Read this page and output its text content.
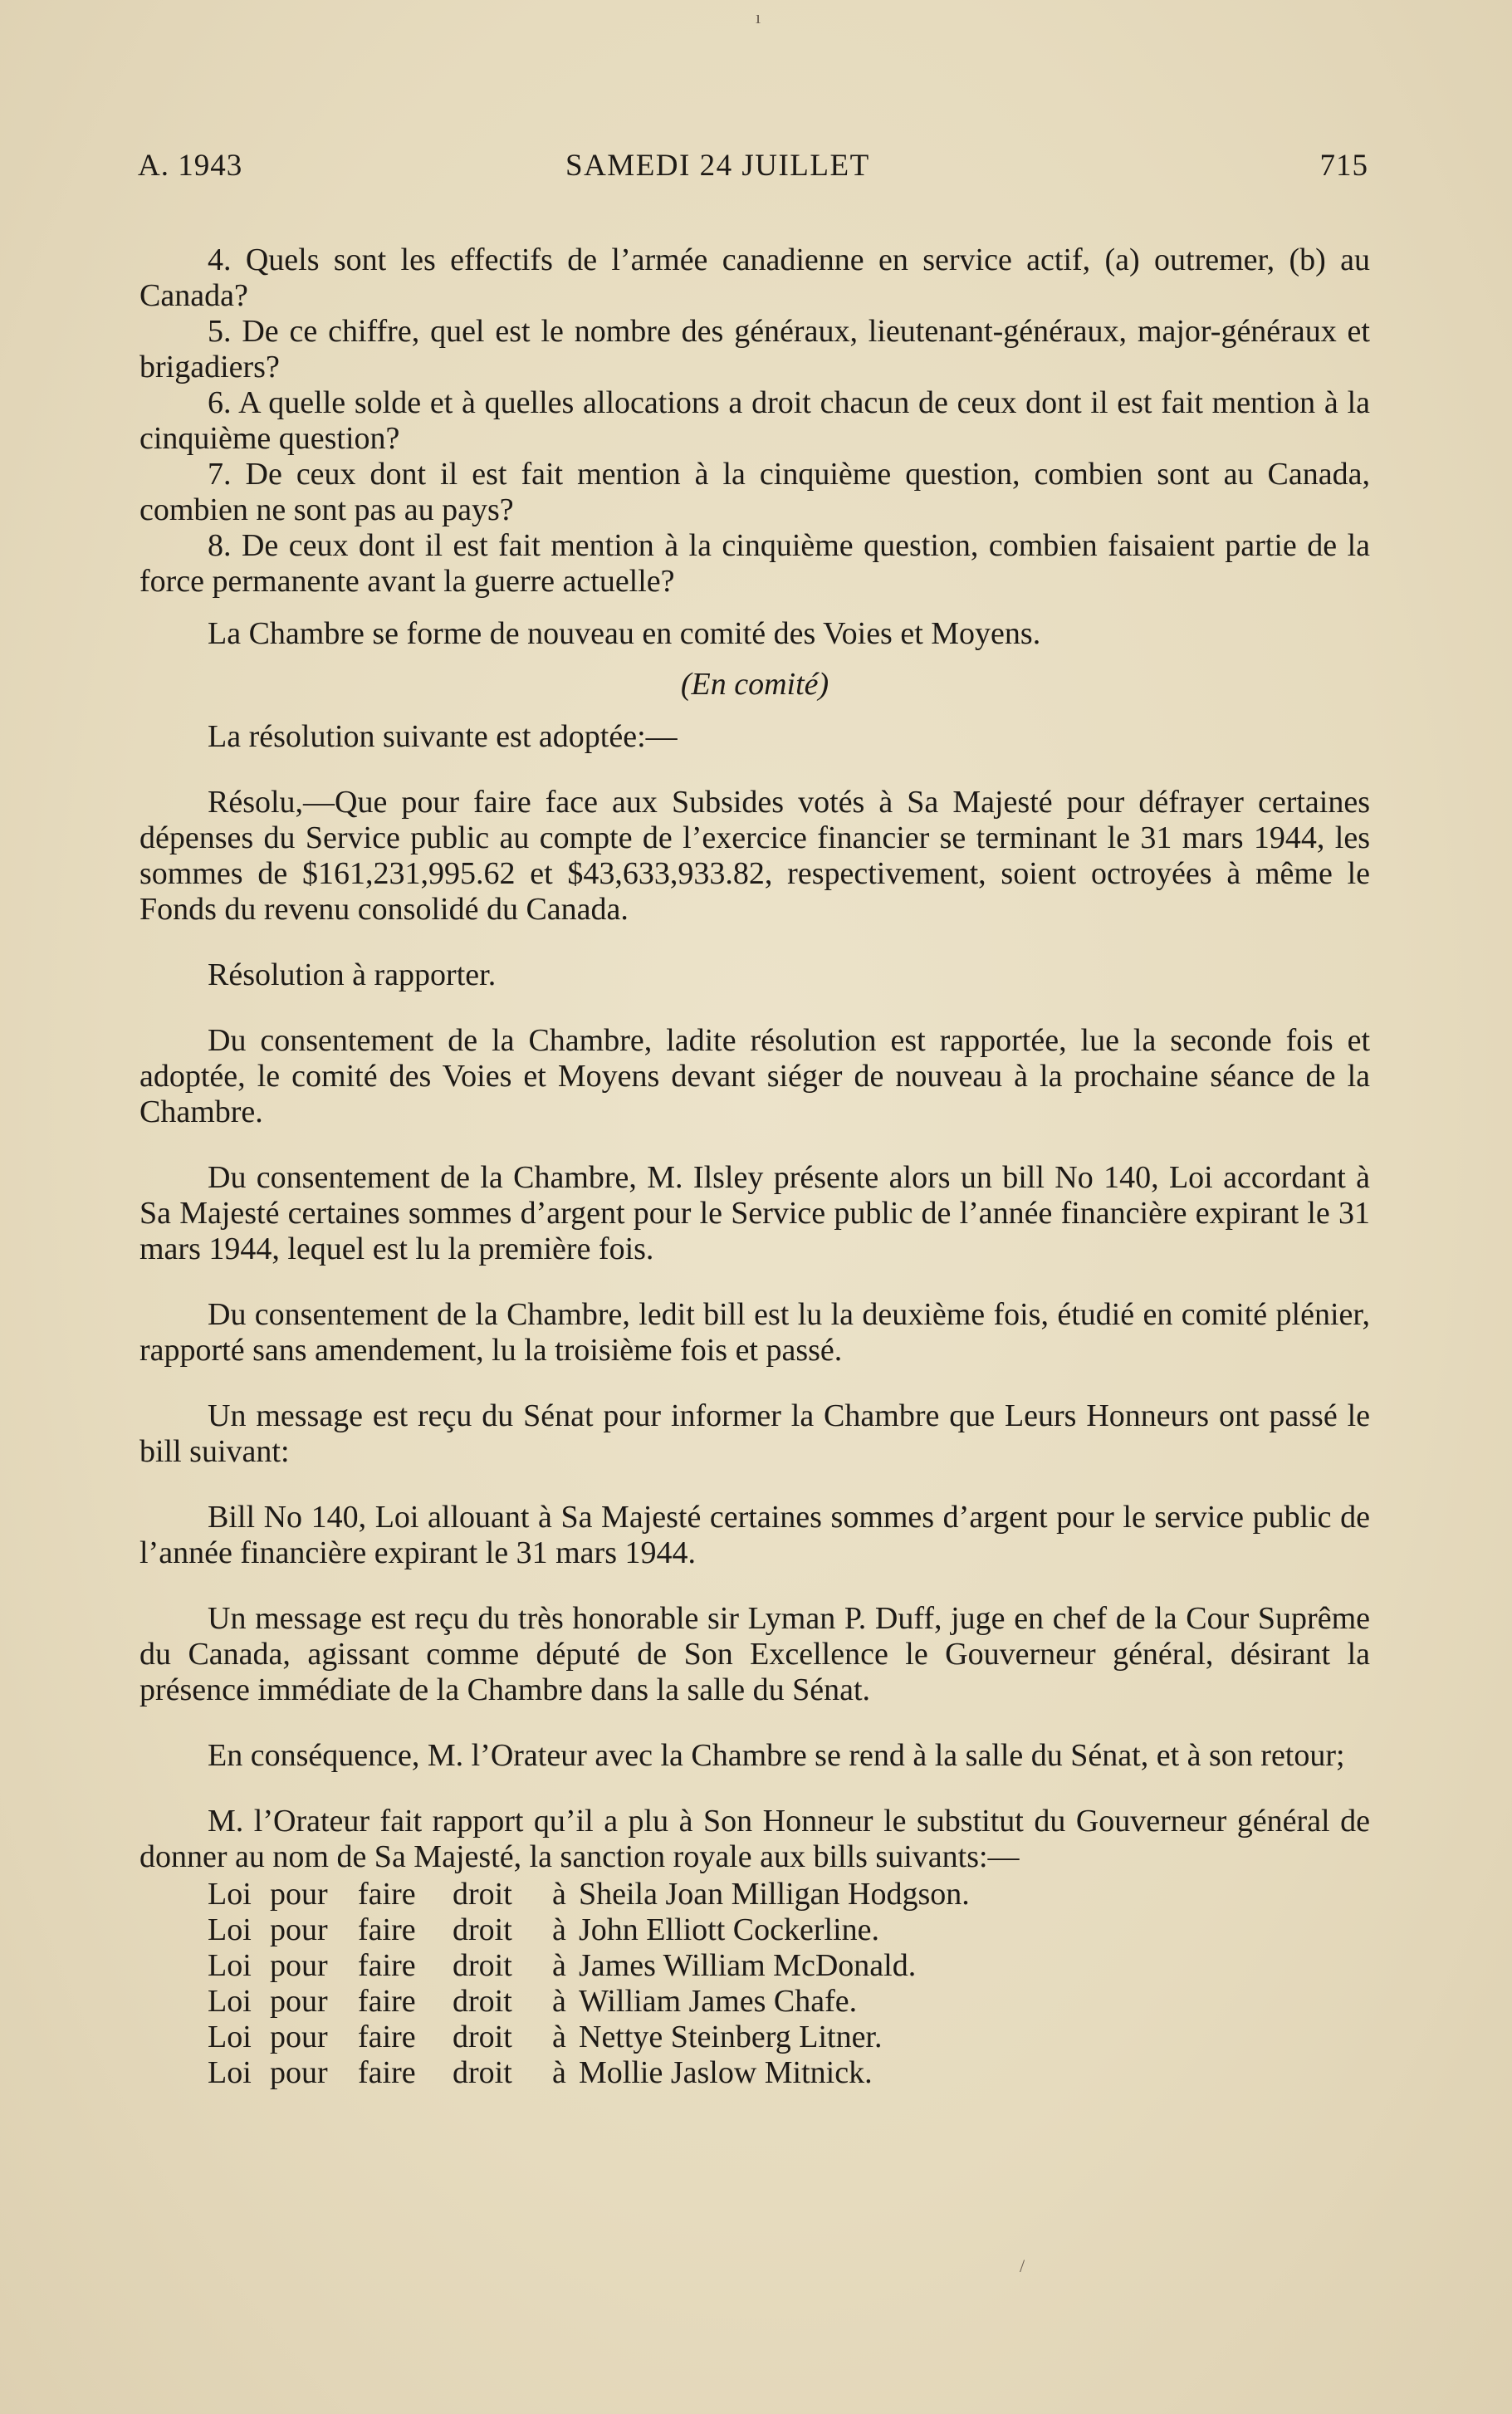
A. 1943	SAMEDI 24 JUILLET	715

4. Quels sont les effectifs de l’armée canadienne en service actif, (a) outremer, (b) au Canada?

5. De ce chiffre, quel est le nombre des généraux, lieutenant-généraux, major-généraux et brigadiers?

6. A quelle solde et à quelles allocations a droit chacun de ceux dont il est fait mention à la cinquième question?

7. De ceux dont il est fait mention à la cinquième question, combien sont au Canada, combien ne sont pas au pays?

8. De ceux dont il est fait mention à la cinquième question, combien faisaient partie de la force permanente avant la guerre actuelle?

La Chambre se forme de nouveau en comité des Voies et Moyens.

(En comité)

La résolution suivante est adoptée:—

Résolu,—Que pour faire face aux Subsides votés à Sa Majesté pour défrayer certaines dépenses du Service public au compte de l’exercice financier se terminant le 31 mars 1944, les sommes de $161,231,995.62 et $43,633,933.82, respectivement, soient octroyées à même le Fonds du revenu consolidé du Canada.

Résolution à rapporter.

Du consentement de la Chambre, ladite résolution est rapportée, lue la seconde fois et adoptée, le comité des Voies et Moyens devant siéger de nouveau à la prochaine séance de la Chambre.

Du consentement de la Chambre, M. Ilsley présente alors un bill No 140, Loi accordant à Sa Majesté certaines sommes d’argent pour le Service public de l’année financière expirant le 31 mars 1944, lequel est lu la première fois.

Du consentement de la Chambre, ledit bill est lu la deuxième fois, étudié en comité plénier, rapporté sans amendement, lu la troisième fois et passé.

Un message est reçu du Sénat pour informer la Chambre que Leurs Honneurs ont passé le bill suivant:

Bill No 140, Loi allouant à Sa Majesté certaines sommes d’argent pour le service public de l’année financière expirant le 31 mars 1944.

Un message est reçu du très honorable sir Lyman P. Duff, juge en chef de la Cour Suprême du Canada, agissant comme député de Son Excellence le Gouverneur général, désirant la présence immédiate de la Chambre dans la salle du Sénat.

En conséquence, M. l’Orateur avec la Chambre se rend à la salle du Sénat, et à son retour;

M. l’Orateur fait rapport qu’il a plu à Son Honneur le substitut du Gouverneur général de donner au nom de Sa Majesté, la sanction royale aux bills suivants:—

Loi pour faire	droit	à Sheila Joan Milligan Hodgson.
Loi pour faire	droit	à John Elliott Cockerline.
Loi pour faire	droit	à James William McDonald.
Loi pour faire	droit	à William James Chafe.
Loi pour faire	droit	à Nettye Steinberg Litner.
Loi pour faire	droit	à Mollie Jaslow Mitnick.
ı
/
